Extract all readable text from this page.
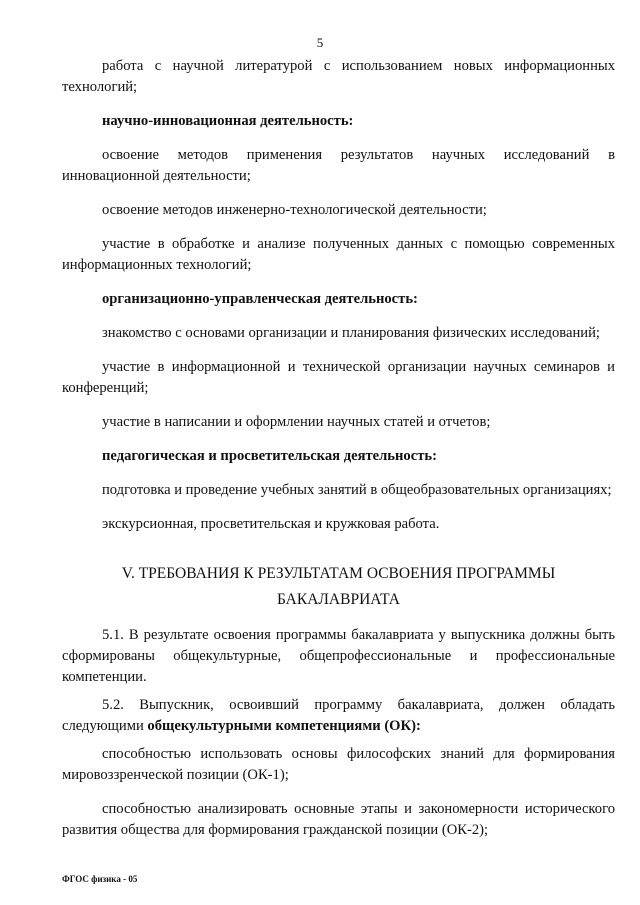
5

работа с научной литературой с использованием новых информационных технологий;

научно-инновационная деятельность:

освоение методов применения результатов научных исследований в инновационной деятельности;

освоение методов инженерно-технологической деятельности;

участие в обработке и анализе полученных данных с помощью современных информационных технологий;

организационно-управленческая деятельность:

знакомство с основами организации и планирования физических исследований;

участие в информационной и технической организации научных семинаров и конференций;

участие в написании и оформлении научных статей и отчетов;

педагогическая и просветительская деятельность:

подготовка и проведение учебных занятий в общеобразовательных организациях;

экскурсионная, просветительская и кружковая работа.

V. ТРЕБОВАНИЯ К РЕЗУЛЬТАТАМ ОСВОЕНИЯ ПРОГРАММЫ
БАКАЛАВРИАТА

5.1. В результате освоения программы бакалавриата у выпускника должны быть сформированы общекультурные, общепрофессиональные и профессиональные компетенции.

5.2. Выпускник, освоивший программу бакалавриата, должен обладать следующими общекультурными компетенциями (ОК):

способностью использовать основы философских знаний для формирования мировоззренческой позиции (ОК-1);

способностью анализировать основные этапы и закономерности исторического развития общества для формирования гражданской позиции (ОК-2);

ФГОС физика - 05
